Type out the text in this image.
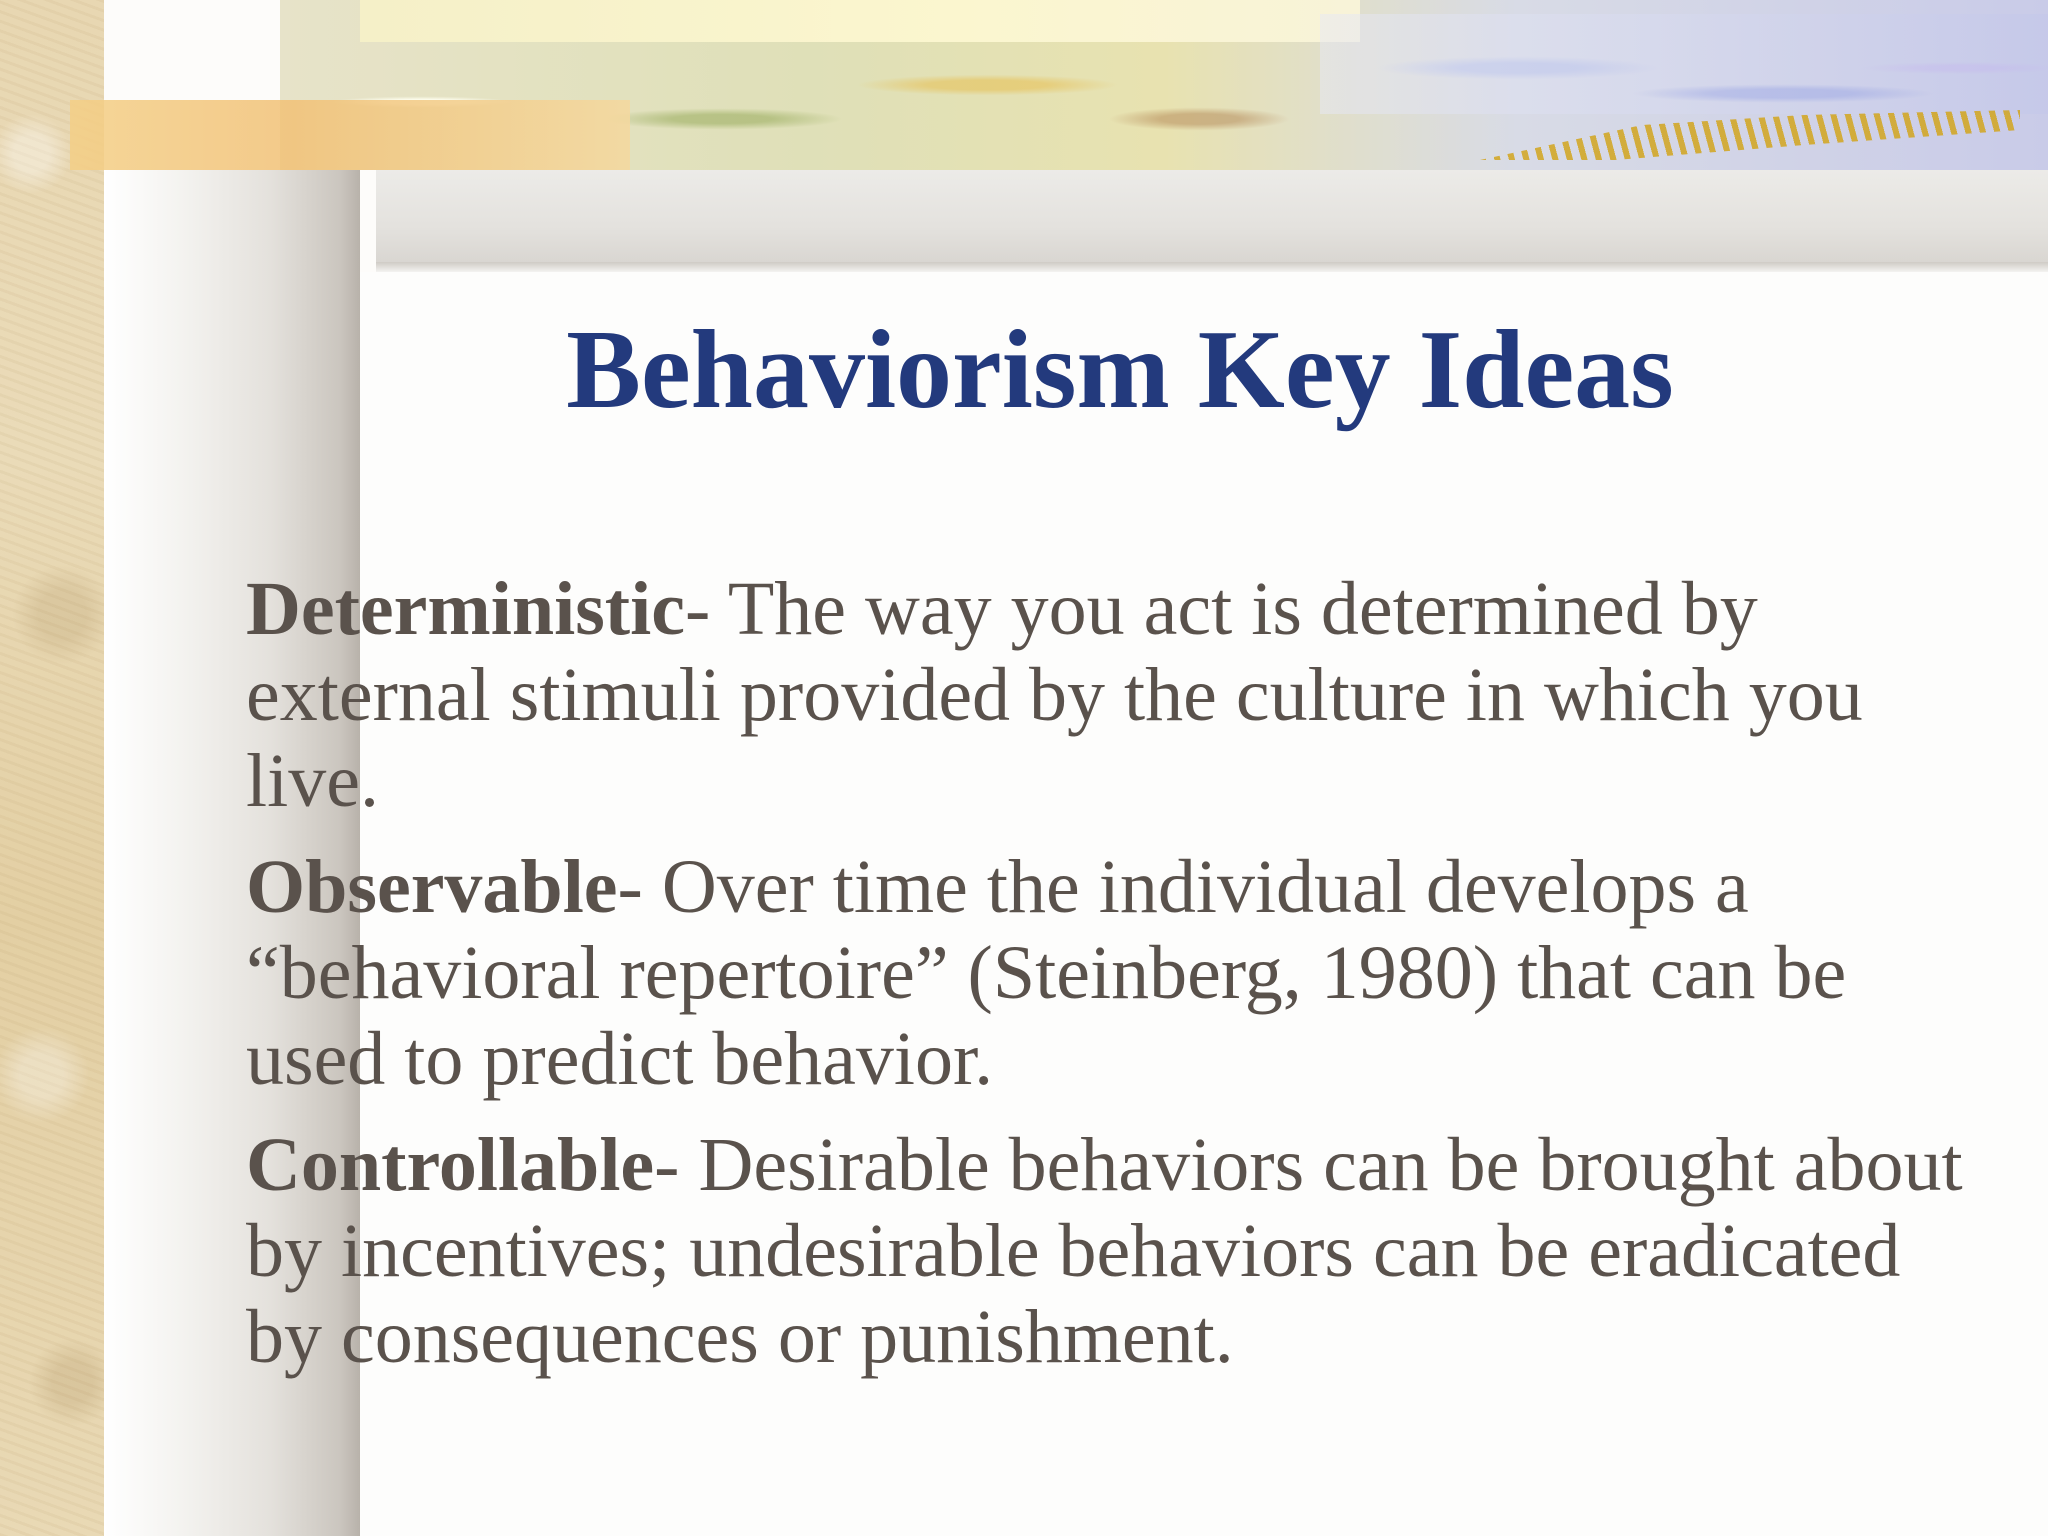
Behaviorism Key Ideas

Deterministic- The way you act is determined by external stimuli provided by the culture in which you live.

Observable- Over time the individual develops a “behavioral repertoire” (Steinberg, 1980) that can be used to predict behavior.

Controllable- Desirable behaviors can be brought about by incentives; undesirable behaviors can be eradicated by consequences or punishment.
